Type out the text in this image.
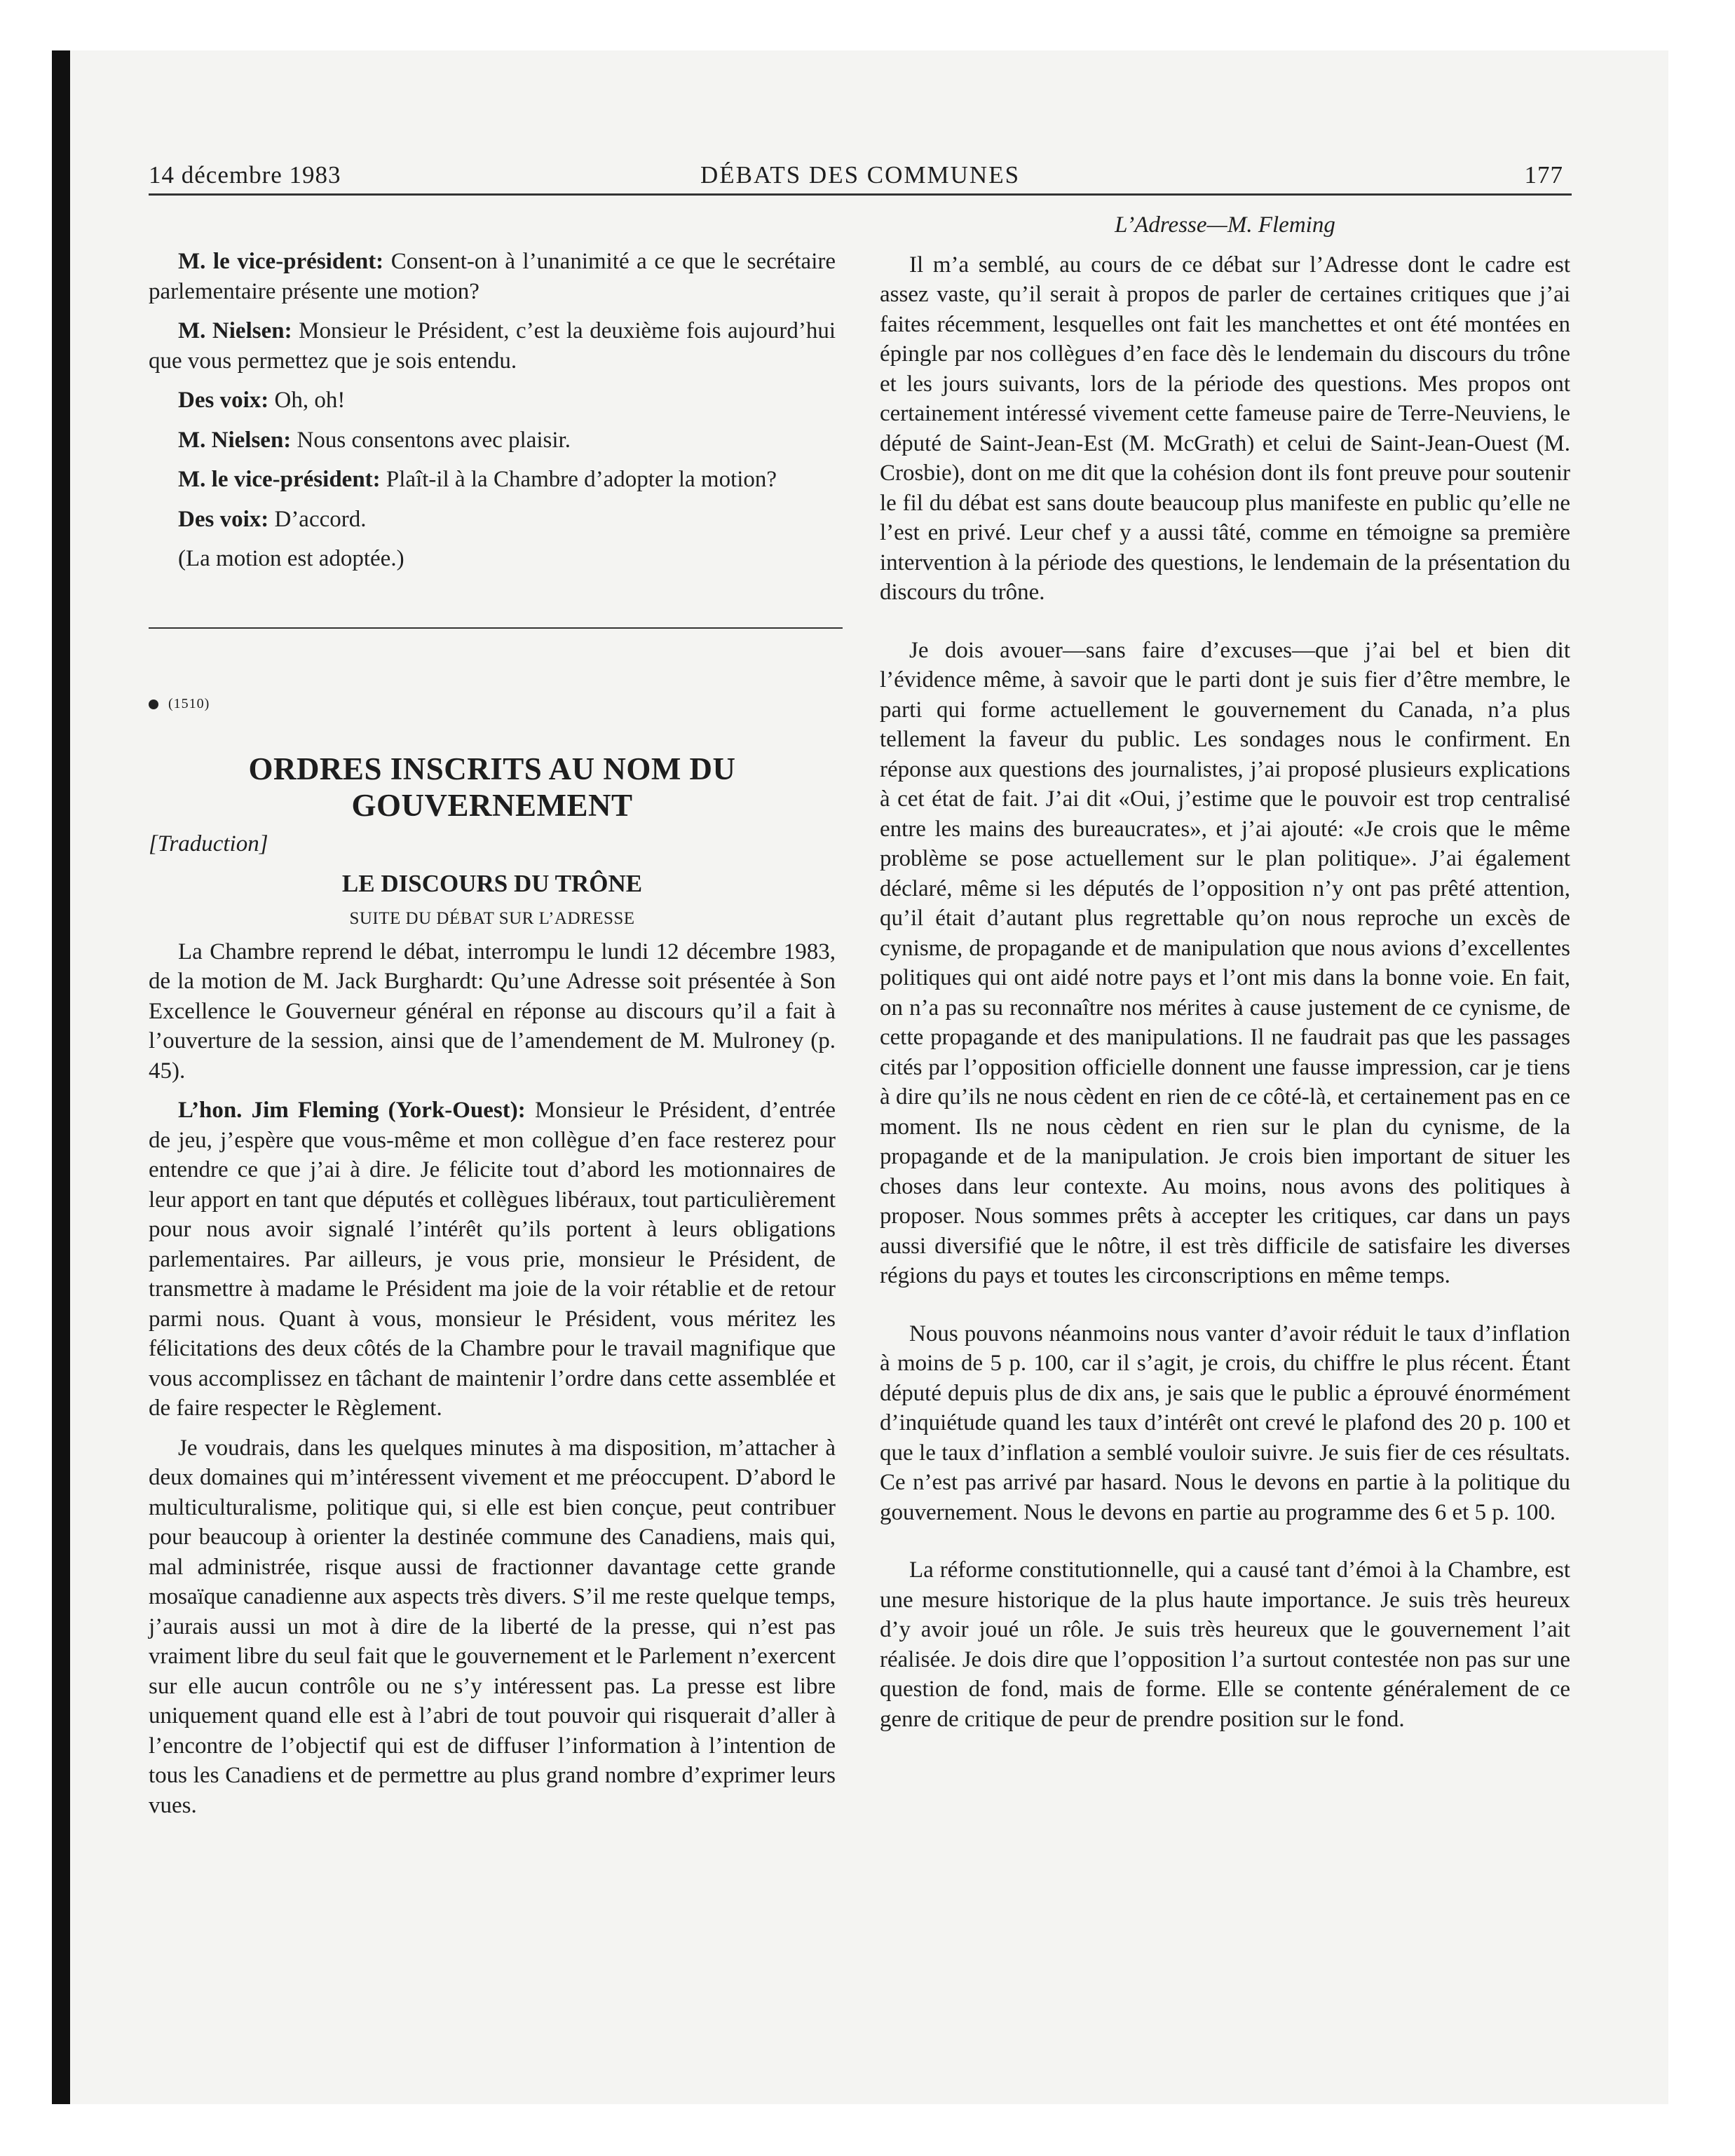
14 décembre 1983	DÉBATS DES COMMUNES	177

M. le vice-président: Consent-on à l’unanimité a ce que le secrétaire parlementaire présente une motion?

M. Nielsen: Monsieur le Président, c’est la deuxième fois aujourd’hui que vous permettez que je sois entendu.

Des voix: Oh, oh!

M. Nielsen: Nous consentons avec plaisir.

M. le vice-président: Plaît-il à la Chambre d’adopter la motion?

Des voix: D’accord.

(La motion est adoptée.)

(1510)

ORDRES INSCRITS AU NOM DU GOUVERNEMENT

[Traduction]

LE DISCOURS DU TRÔNE

SUITE DU DÉBAT SUR L’ADRESSE

La Chambre reprend le débat, interrompu le lundi 12 décembre 1983, de la motion de M. Jack Burghardt: Qu’une Adresse soit présentée à Son Excellence le Gouverneur général en réponse au discours qu’il a fait à l’ouverture de la session, ainsi que de l’amendement de M. Mulroney (p. 45).

L’hon. Jim Fleming (York-Ouest): Monsieur le Président, d’entrée de jeu, j’espère que vous-même et mon collègue d’en face resterez pour entendre ce que j’ai à dire. Je félicite tout d’abord les motionnaires de leur apport en tant que députés et collègues libéraux, tout particulièrement pour nous avoir signalé l’intérêt qu’ils portent à leurs obligations parlementaires. Par ailleurs, je vous prie, monsieur le Président, de transmettre à madame le Président ma joie de la voir rétablie et de retour parmi nous. Quant à vous, monsieur le Président, vous méritez les félicitations des deux côtés de la Chambre pour le travail magnifique que vous accomplissez en tâchant de maintenir l’ordre dans cette assemblée et de faire respecter le Règlement.

Je voudrais, dans les quelques minutes à ma disposition, m’attacher à deux domaines qui m’intéressent vivement et me préoccupent. D’abord le multiculturalisme, politique qui, si elle est bien conçue, peut contribuer pour beaucoup à orienter la destinée commune des Canadiens, mais qui, mal administrée, risque aussi de fractionner davantage cette grande mosaïque canadienne aux aspects très divers. S’il me reste quelque temps, j’aurais aussi un mot à dire de la liberté de la presse, qui n’est pas vraiment libre du seul fait que le gouvernement et le Parlement n’exercent sur elle aucun contrôle ou ne s’y intéressent pas. La presse est libre uniquement quand elle est à l’abri de tout pouvoir qui risquerait d’aller à l’encontre de l’objectif qui est de diffuser l’information à l’intention de tous les Canadiens et de permettre au plus grand nombre d’exprimer leurs vues.

L’Adresse—M. Fleming

Il m’a semblé, au cours de ce débat sur l’Adresse dont le cadre est assez vaste, qu’il serait à propos de parler de certaines critiques que j’ai faites récemment, lesquelles ont fait les manchettes et ont été montées en épingle par nos collègues d’en face dès le lendemain du discours du trône et les jours suivants, lors de la période des questions. Mes propos ont certainement intéressé vivement cette fameuse paire de Terre-Neuviens, le député de Saint-Jean-Est (M. McGrath) et celui de Saint-Jean-Ouest (M. Crosbie), dont on me dit que la cohésion dont ils font preuve pour soutenir le fil du débat est sans doute beaucoup plus manifeste en public qu’elle ne l’est en privé. Leur chef y a aussi tâté, comme en témoigne sa première intervention à la période des questions, le lendemain de la présentation du discours du trône.

Je dois avouer—sans faire d’excuses—que j’ai bel et bien dit l’évidence même, à savoir que le parti dont je suis fier d’être membre, le parti qui forme actuellement le gouvernement du Canada, n’a plus tellement la faveur du public. Les sondages nous le confirment. En réponse aux questions des journalistes, j’ai proposé plusieurs explications à cet état de fait. J’ai dit «Oui, j’estime que le pouvoir est trop centralisé entre les mains des bureaucrates», et j’ai ajouté: «Je crois que le même problème se pose actuellement sur le plan politique». J’ai également déclaré, même si les députés de l’opposition n’y ont pas prêté attention, qu’il était d’autant plus regrettable qu’on nous reproche un excès de cynisme, de propagande et de manipulation que nous avions d’excellentes politiques qui ont aidé notre pays et l’ont mis dans la bonne voie. En fait, on n’a pas su reconnaître nos mérites à cause justement de ce cynisme, de cette propagande et des manipulations. Il ne faudrait pas que les passages cités par l’opposition officielle donnent une fausse impression, car je tiens à dire qu’ils ne nous cèdent en rien de ce côté-là, et certainement pas en ce moment. Ils ne nous cèdent en rien sur le plan du cynisme, de la propagande et de la manipulation. Je crois bien important de situer les choses dans leur contexte. Au moins, nous avons des politiques à proposer. Nous sommes prêts à accepter les critiques, car dans un pays aussi diversifié que le nôtre, il est très difficile de satisfaire les diverses régions du pays et toutes les circonscriptions en même temps.

Nous pouvons néanmoins nous vanter d’avoir réduit le taux d’inflation à moins de 5 p. 100, car il s’agit, je crois, du chiffre le plus récent. Étant député depuis plus de dix ans, je sais que le public a éprouvé énormément d’inquiétude quand les taux d’intérêt ont crevé le plafond des 20 p. 100 et que le taux d’inflation a semblé vouloir suivre. Je suis fier de ces résultats. Ce n’est pas arrivé par hasard. Nous le devons en partie à la politique du gouvernement. Nous le devons en partie au programme des 6 et 5 p. 100.

La réforme constitutionnelle, qui a causé tant d’émoi à la Chambre, est une mesure historique de la plus haute importance. Je suis très heureux d’y avoir joué un rôle. Je suis très heureux que le gouvernement l’ait réalisée. Je dois dire que l’opposition l’a surtout contestée non pas sur une question de fond, mais de forme. Elle se contente généralement de ce genre de critique de peur de prendre position sur le fond.
